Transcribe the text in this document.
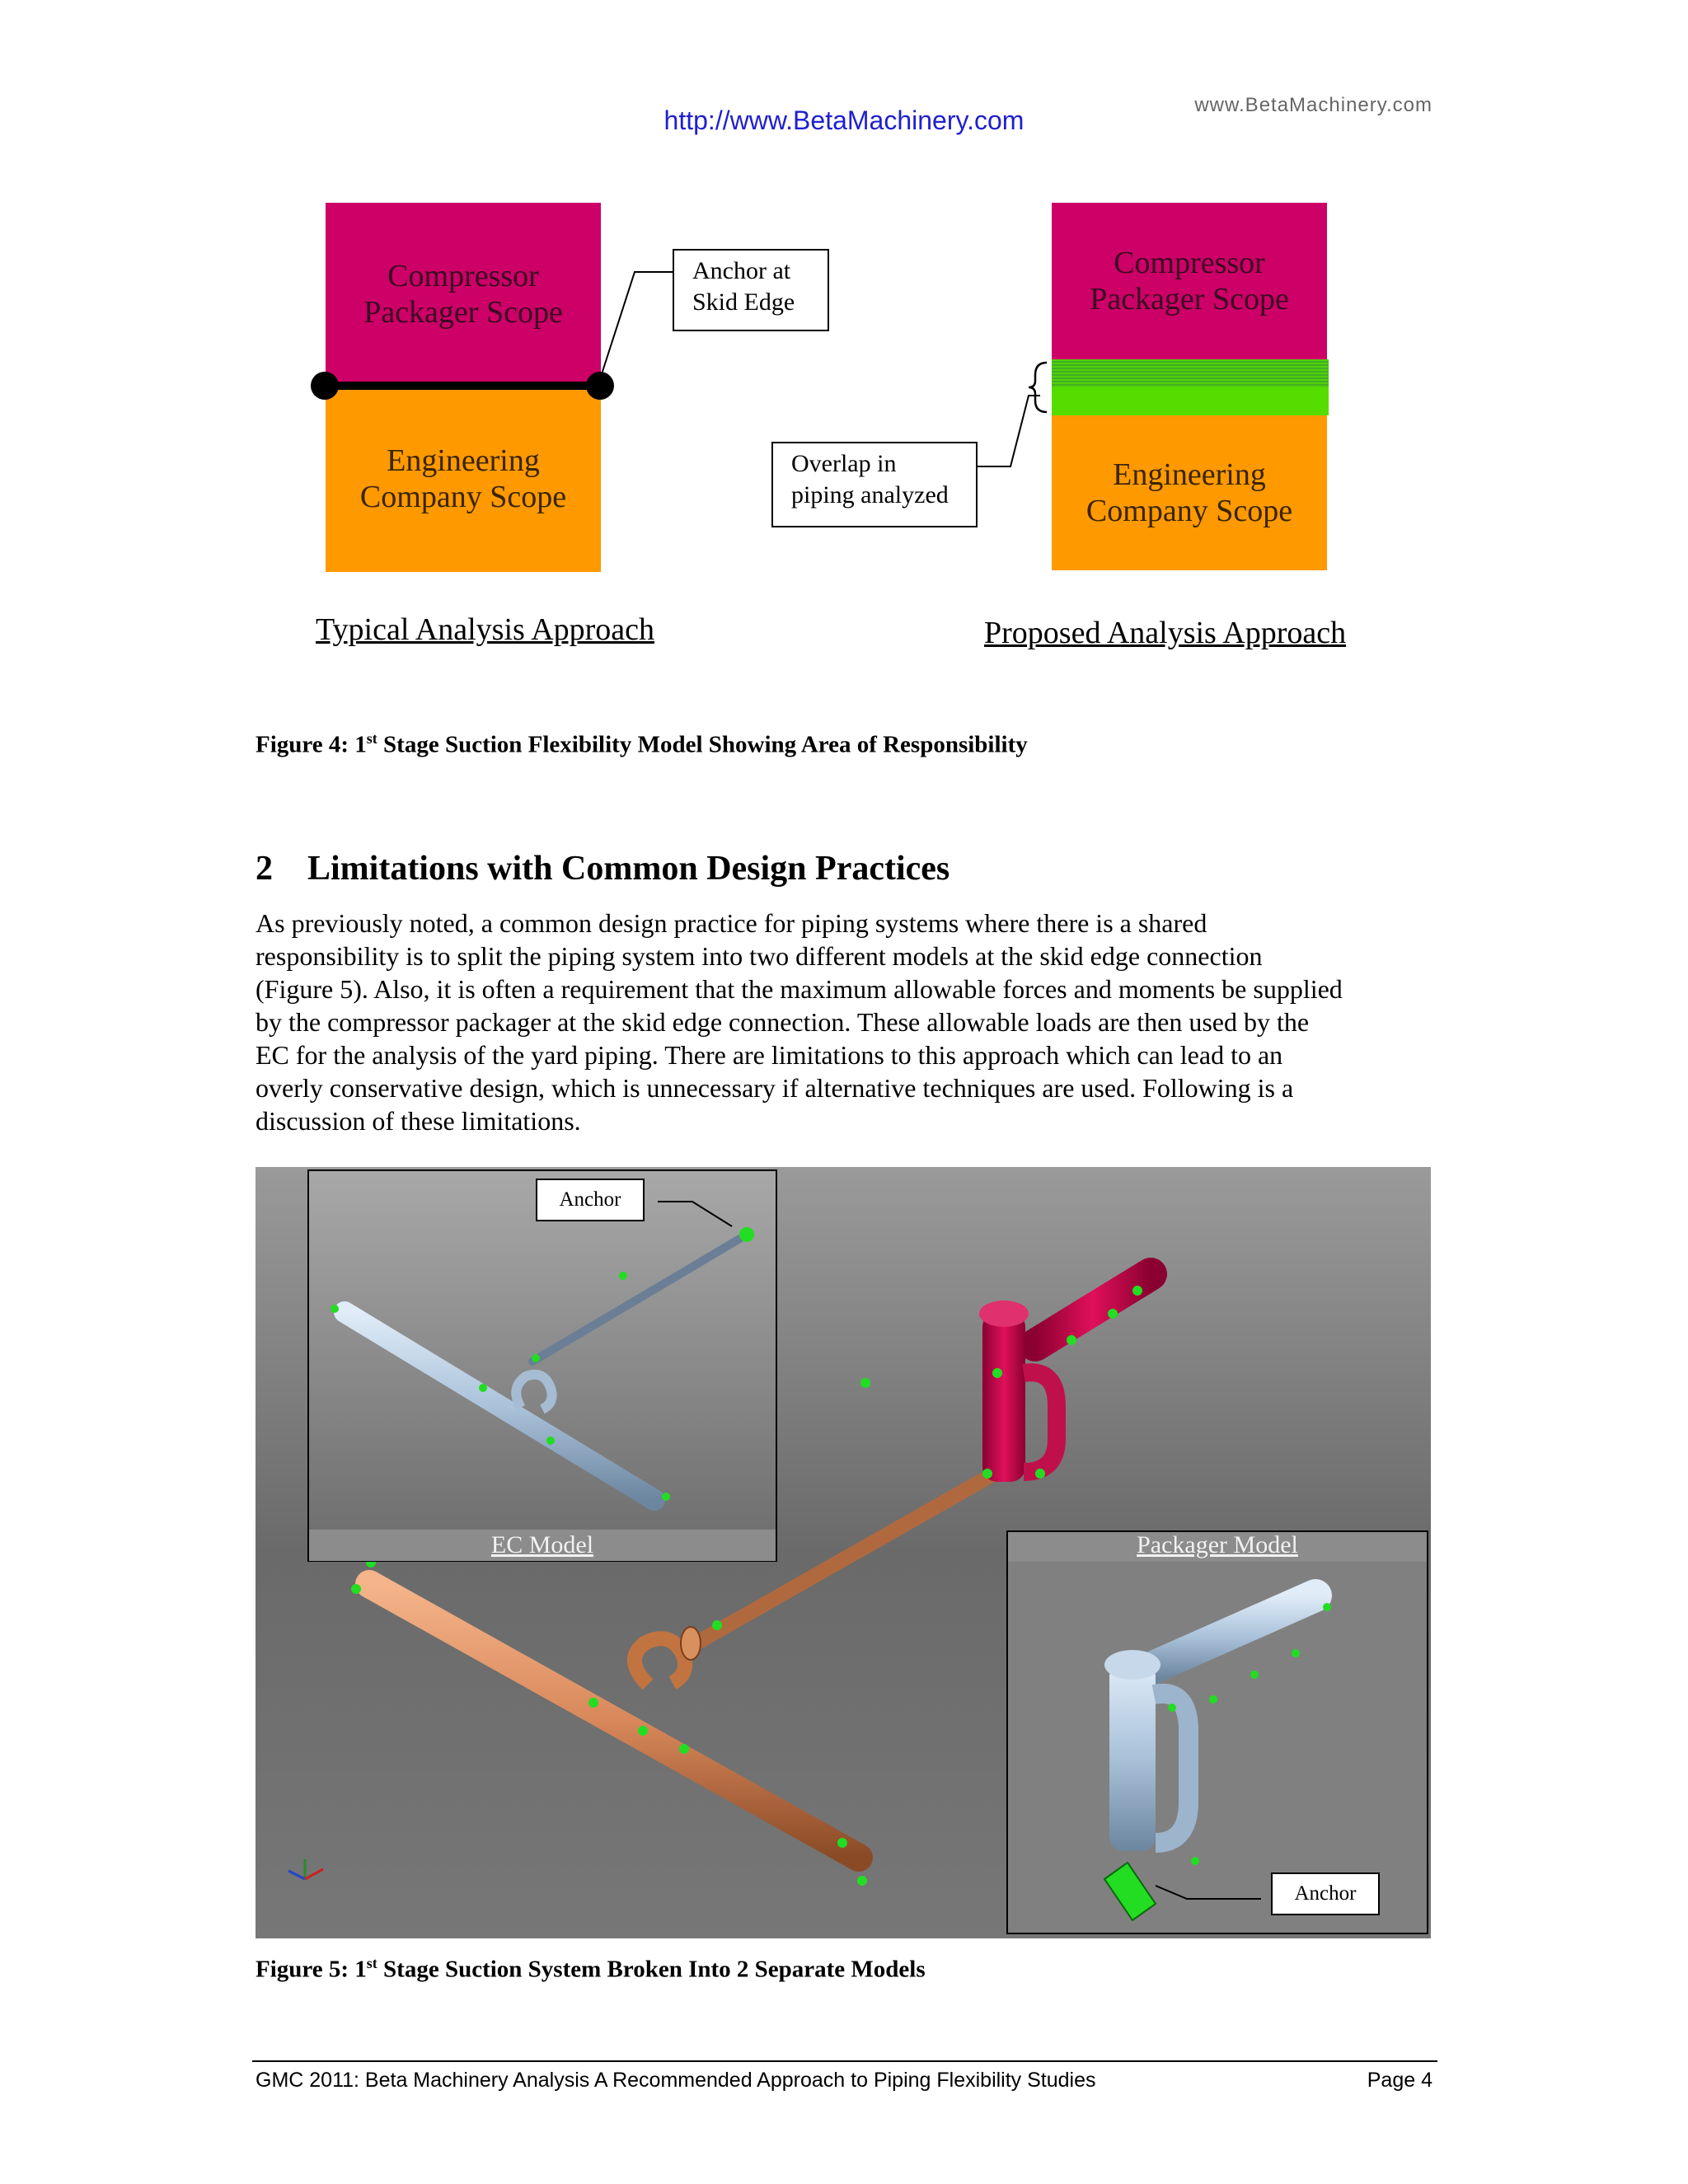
www.BetaMachinery.com
http://www.BetaMachinery.com
Compressor
Packager Scope
Engineering
Company Scope
Anchor at
Skid Edge
Compressor
Packager Scope
Engineering
Company Scope
Overlap in
piping analyzed
Typical Analysis Approach	Proposed Analysis Approach
Figure 4: 1st Stage Suction Flexibility Model Showing Area of Responsibility
2 Limitations with Common Design Practices
As previously noted, a common design practice for piping systems where there is a shared
responsibility is to split the piping system into two different models at the skid edge connection
(Figure 5). Also, it is often a requirement that the maximum allowable forces and moments be supplied
by the compressor packager at the skid edge connection. These allowable loads are then used by the
EC for the analysis of the yard piping. There are limitations to this approach which can lead to an
overly conservative design, which is unnecessary if alternative techniques are used. Following is a
discussion of these limitations.
Anchor
Anchor
EC Model	Packager Model
Figure 5: 1st Stage Suction System Broken Into 2 Separate Models
GMC 2011: Beta Machinery Analysis A Recommended Approach to Piping Flexibility Studies	Page 4
